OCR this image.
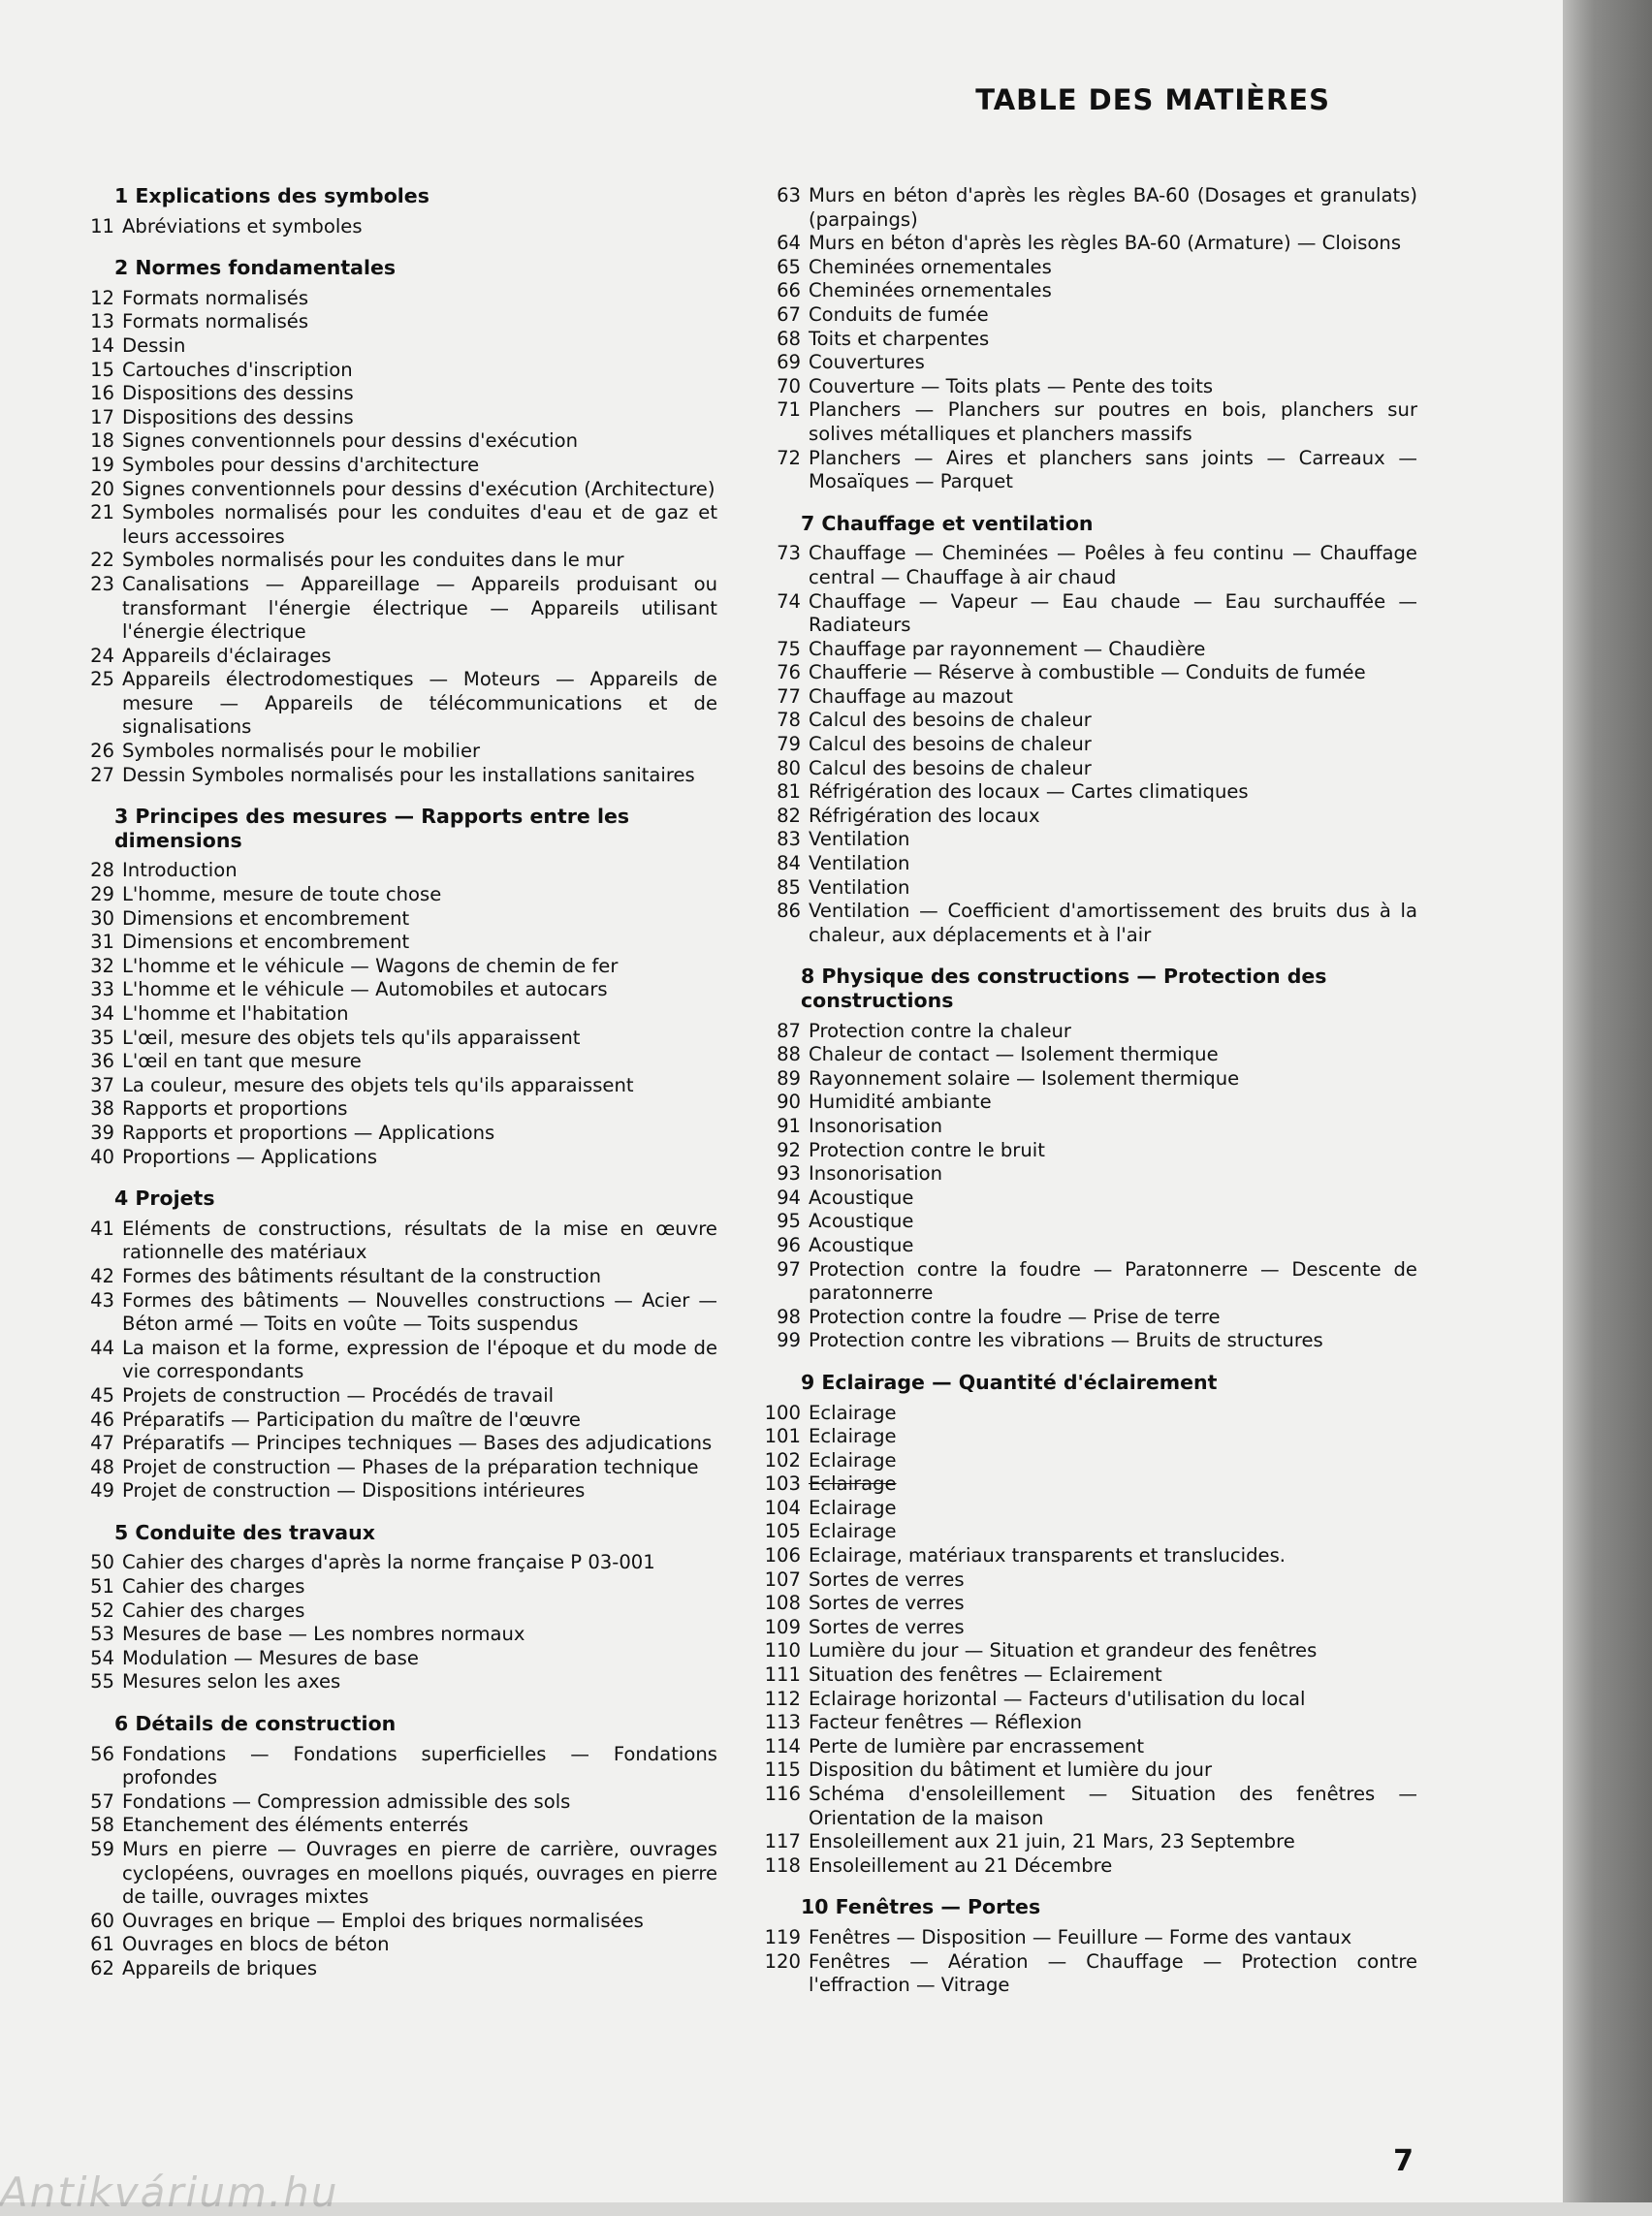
TABLE DES MATIÈRES
1 Explications des symboles
11 Abréviations et symboles
2 Normes fondamentales
12 Formats normalisés
13 Formats normalisés
14 Dessin
15 Cartouches d'inscription
16 Dispositions des dessins
17 Dispositions des dessins
18 Signes conventionnels pour dessins d'exécution
19 Symboles pour dessins d'architecture
20 Signes conventionnels pour dessins d'exécution (Architecture)
21 Symboles normalisés pour les conduites d'eau et de gaz et leurs accessoires
22 Symboles normalisés pour les conduites dans le mur
23 Canalisations — Appareillage — Appareils produisant ou transformant l'énergie électrique — Appareils utilisant l'énergie électrique
24 Appareils d'éclairages
25 Appareils électrodomestiques — Moteurs — Appareils de mesure — Appareils de télécommunications et de signalisations
26 Symboles normalisés pour le mobilier
27 Dessin Symboles normalisés pour les installations sanitaires
3 Principes des mesures — Rapports entre les dimensions
28 Introduction
29 L'homme, mesure de toute chose
30 Dimensions et encombrement
31 Dimensions et encombrement
32 L'homme et le véhicule — Wagons de chemin de fer
33 L'homme et le véhicule — Automobiles et autocars
34 L'homme et l'habitation
35 L'œil, mesure des objets tels qu'ils apparaissent
36 L'œil en tant que mesure
37 La couleur, mesure des objets tels qu'ils apparaissent
38 Rapports et proportions
39 Rapports et proportions — Applications
40 Proportions — Applications
4 Projets
41 Eléments de constructions, résultats de la mise en œuvre rationnelle des matériaux
42 Formes des bâtiments résultant de la construction
43 Formes des bâtiments — Nouvelles constructions — Acier — Béton armé — Toits en voûte — Toits suspendus
44 La maison et la forme, expression de l'époque et du mode de vie correspondants
45 Projets de construction — Procédés de travail
46 Préparatifs — Participation du maître de l'œuvre
47 Préparatifs — Principes techniques — Bases des adjudications
48 Projet de construction — Phases de la préparation technique
49 Projet de construction — Dispositions intérieures
5 Conduite des travaux
50 Cahier des charges d'après la norme française P 03-001
51 Cahier des charges
52 Cahier des charges
53 Mesures de base — Les nombres normaux
54 Modulation — Mesures de base
55 Mesures selon les axes
6 Détails de construction
56 Fondations — Fondations superficielles — Fondations profondes
57 Fondations — Compression admissible des sols
58 Etanchement des éléments enterrés
59 Murs en pierre — Ouvrages en pierre de carrière, ouvrages cyclopéens, ouvrages en moellons piqués, ouvrages en pierre de taille, ouvrages mixtes
60 Ouvrages en brique — Emploi des briques normalisées
61 Ouvrages en blocs de béton
62 Appareils de briques
63 Murs en béton d'après les règles BA-60 (Dosages et granulats) (parpaings)
64 Murs en béton d'après les règles BA-60 (Armature) — Cloisons
65 Cheminées ornementales
66 Cheminées ornementales
67 Conduits de fumée
68 Toits et charpentes
69 Couvertures
70 Couverture — Toits plats — Pente des toits
71 Planchers — Planchers sur poutres en bois, planchers sur solives métalliques et planchers massifs
72 Planchers — Aires et planchers sans joints — Carreaux — Mosaïques — Parquet
7 Chauffage et ventilation
73 Chauffage — Cheminées — Poêles à feu continu — Chauffage central — Chauffage à air chaud
74 Chauffage — Vapeur — Eau chaude — Eau surchauffée — Radiateurs
75 Chauffage par rayonnement — Chaudière
76 Chaufferie — Réserve à combustible — Conduits de fumée
77 Chauffage au mazout
78 Calcul des besoins de chaleur
79 Calcul des besoins de chaleur
80 Calcul des besoins de chaleur
81 Réfrigération des locaux — Cartes climatiques
82 Réfrigération des locaux
83 Ventilation
84 Ventilation
85 Ventilation
86 Ventilation — Coefficient d'amortissement des bruits dus à la chaleur, aux déplacements et à l'air
8 Physique des constructions — Protection des constructions
87 Protection contre la chaleur
88 Chaleur de contact — Isolement thermique
89 Rayonnement solaire — Isolement thermique
90 Humidité ambiante
91 Insonorisation
92 Protection contre le bruit
93 Insonorisation
94 Acoustique
95 Acoustique
96 Acoustique
97 Protection contre la foudre — Paratonnerre — Descente de paratonnerre
98 Protection contre la foudre — Prise de terre
99 Protection contre les vibrations — Bruits de structures
9 Eclairage — Quantité d'éclairement
100 Eclairage
101 Eclairage
102 Eclairage
103 Eclairage
104 Eclairage
105 Eclairage
106 Eclairage, matériaux transparents et translucides.
107 Sortes de verres
108 Sortes de verres
109 Sortes de verres
110 Lumière du jour — Situation et grandeur des fenêtres
111 Situation des fenêtres — Eclairement
112 Eclairage horizontal — Facteurs d'utilisation du local
113 Facteur fenêtres — Réflexion
114 Perte de lumière par encrassement
115 Disposition du bâtiment et lumière du jour
116 Schéma d'ensoleillement — Situation des fenêtres — Orientation de la maison
117 Ensoleillement aux 21 juin, 21 Mars, 23 Septembre
118 Ensoleillement au 21 Décembre
10 Fenêtres — Portes
119 Fenêtres — Disposition — Feuillure — Forme des vantaux
120 Fenêtres — Aération — Chauffage — Protection contre l'effraction — Vitrage
7
Antikvárium.hu
